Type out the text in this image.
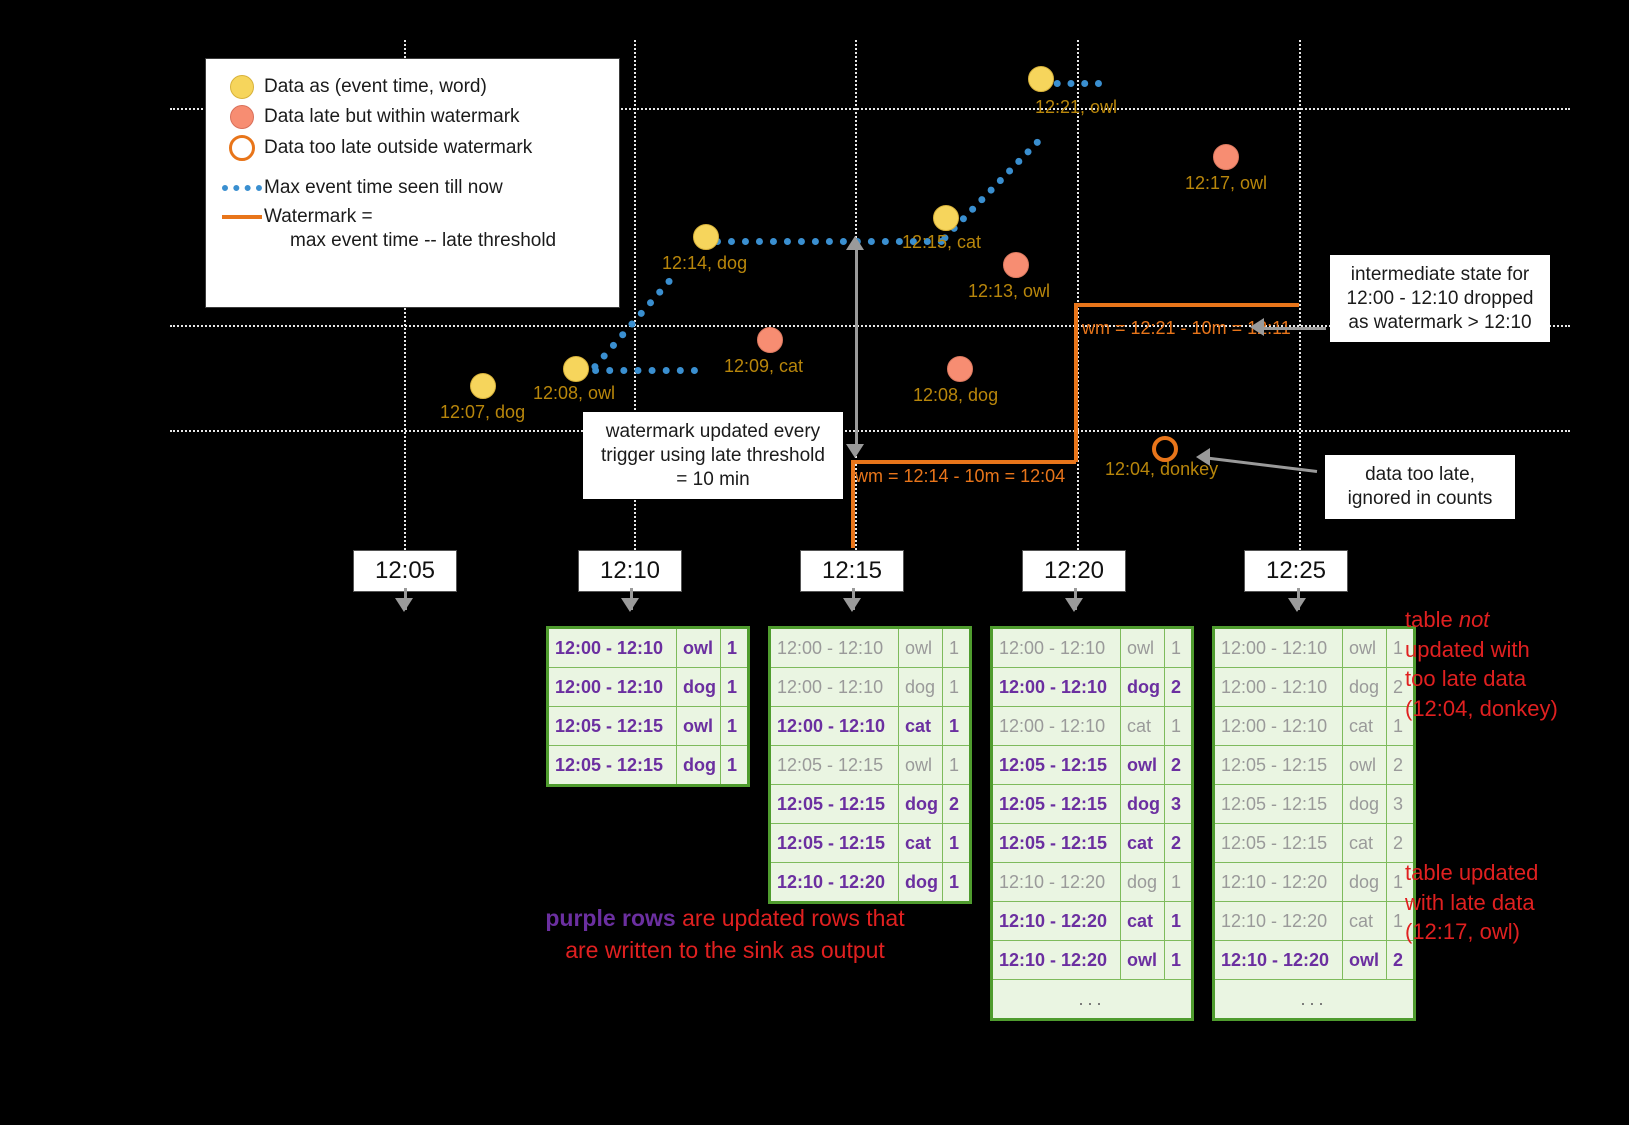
wm = 12:14 - 10m = 12:04
wm = 12:21 - 10m = 12:11
Data as (event time, word)
Data late but within watermark
Data too late outside watermark
Max event time seen till now
Watermark =
max event time -- late threshold
12:07, dog
12:08, owl
12:09, cat
12:14, dog
12:15, cat
12:13, owl
12:08, dog
12:21, owl
12:17, owl
12:04, donkey
intermediate state for 12:00 - 12:10 dropped as watermark > 12:10
watermark updated every trigger using late threshold = 10 min	data too late, ignored in counts
12:05	12:10	12:15	12:20	12:25
12:00 - 12:10	owl 1
12:00 - 12:10	dog 1
12:05 - 12:15	owl 1
12:05 - 12:15	dog 1
12:00 - 12:10	owl 1
12:00 - 12:10	dog 1
12:00 - 12:10	cat 1
12:05 - 12:15	owl 1
12:05 - 12:15	dog 2
12:05 - 12:15	cat 1
12:10 - 12:20	dog 1
12:00 - 12:10	owl 1
12:00 - 12:10	dog 2
12:00 - 12:10	cat	1
12:05 - 12:15	owl 2
12:05 - 12:15	dog 3
12:05 - 12:15	cat 2
12:10 - 12:20	dog 1
12:10 - 12:20	cat 1
12:10 - 12:20	owl 1
...
12:00 - 12:10	owl 1
12:00 - 12:10	dog 2
12:00 - 12:10	cat	1
12:05 - 12:15	owl 2
12:05 - 12:15	dog 3
12:05 - 12:15	cat	2
12:10 - 12:20	dog 1
12:10 - 12:20	cat	1
12:10 - 12:20	owl 2
...
table not
updated with
too late data
(12:04, donkey)
table updated
with late data
(12:17, owl)
purple rows are updated rows that
are written to the sink as output
